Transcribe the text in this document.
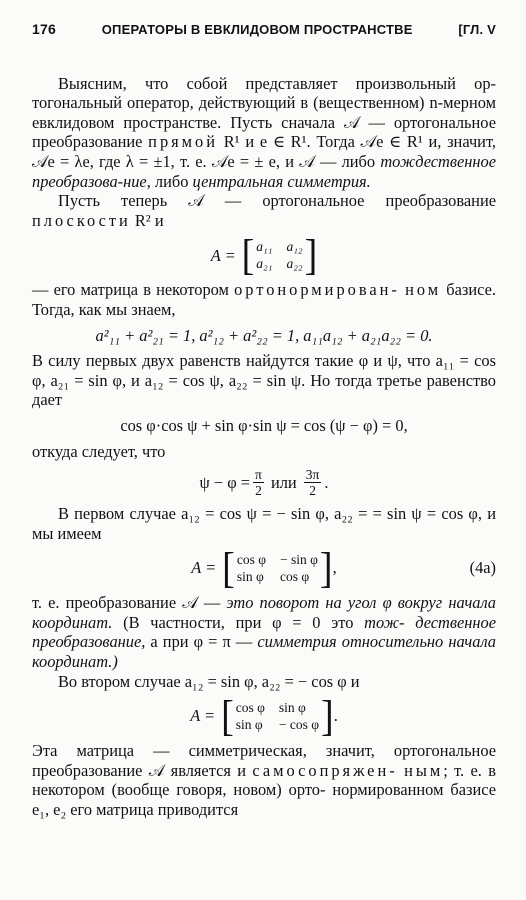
176	ОПЕРАТОРЫ В ЕВКЛИДОВОМ ПРОСТРАНСТВЕ	[ГЛ. V

Выясним, что собой представляет произвольный ор- тогональный оператор, действующий в (вещественном) n-мерном евклидовом пространстве. Пусть сначала 𝒜 — ортогональное преобразование прямой R¹ и e ∈ R¹. Тогда 𝒜e ∈ R¹ и, значит, 𝒜e = λe, где λ = ±1, т. е. 𝒜e = ± e, и 𝒜 — либо тождественное преобразова-ние, либо центральная симметрия.

Пусть теперь 𝒜 — ортогональное преобразование плоскости R² и

A = [ a₁₁ a₁₂
a₂₁ a₂₂ ]

— его матрица в некотором ортонормирован- ном базисе. Тогда, как мы знаем,

a²₁₁ + a²₂₁ = 1, a²₁₂ + a²₂₂ = 1, a₁₁a₁₂ + a₂₁a₂₂ = 0.

В силу первых двух равенств найдутся такие φ и ψ, что a₁₁ = cos φ, a₂₁ = sin φ, и a₁₂ = cos ψ, a₂₂ = sin ψ. Но тогда третье равенство дает

cos φ·cos ψ + sin φ·sin ψ = cos (ψ − φ) = 0,

откуда следует, что

$\psi - \varphi = \frac{\pi}{2}$ или $\frac{3\pi}{2}$ .

В первом случае a₁₂ = cos ψ = − sin φ, a₂₂ = = sin ψ = cos φ, и мы имеем

A = [ cos φ − sin φ
sin φ cos φ ] ,	(4a)

т. е. преобразование 𝒜 — это поворот на угол φ вокруг начала координат. (В частности, при φ = 0 это тож- дественное преобразование, а при φ = π — симметрия относительно начала координат.)

Во втором случае a₁₂ = sin φ, a₂₂ = − cos φ и

A = [ cos φ sin φ
sin φ − cos φ ] .

Эта матрица — симметрическая, значит, ортогональное преобразование 𝒜 является и самосопряжен- ным; т. е. в некотором (вообще говоря, новом) орто- нормированном базисе e₁, e₂ его матрица приводится
